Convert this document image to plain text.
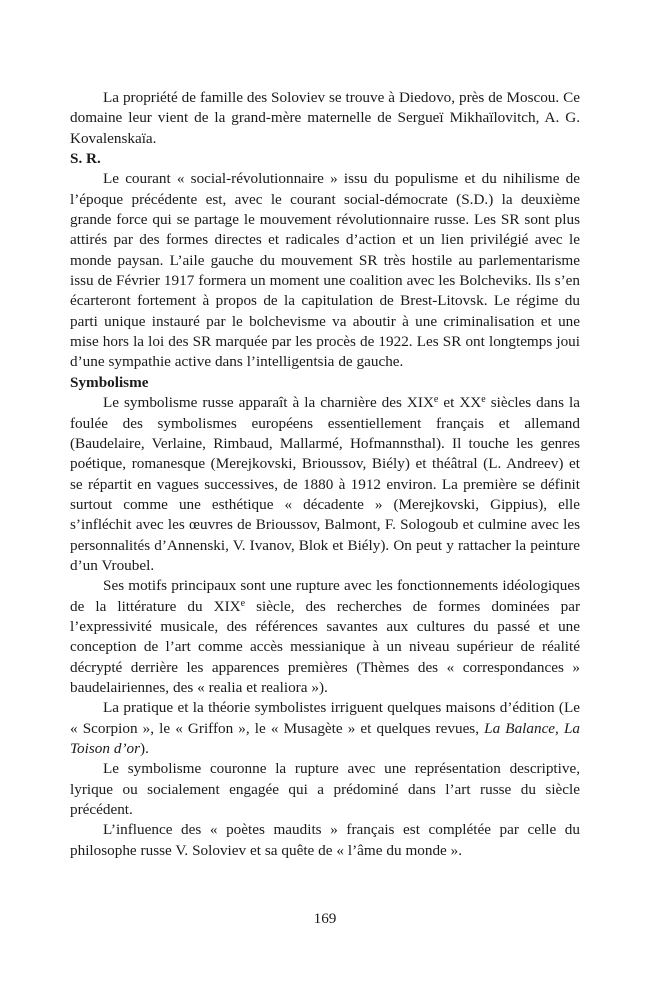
La propriété de famille des Soloviev se trouve à Diedovo, près de Moscou. Ce domaine leur vient de la grand-mère maternelle de Sergueï Mikhaïlovitch, A. G. Kovalenskaïa.

S. R.

Le courant « social-révolutionnaire » issu du populisme et du nihilisme de l’époque précédente est, avec le courant social-démocrate (S.D.) la deuxième grande force qui se partage le mouvement révolutionnaire russe. Les SR sont plus attirés par des formes directes et radicales d’action et un lien privilégié avec le monde paysan. L’aile gauche du mouvement SR très hostile au parlementarisme issu de Février 1917 formera un moment une coalition avec les Bolcheviks. Ils s’en écarteront fortement à propos de la capitulation de Brest-Litovsk. Le régime du parti unique instauré par le bolchevisme va aboutir à une criminalisation et une mise hors la loi des SR marquée par les procès de 1922. Les SR ont longtemps joui d’une sympathie active dans l’intelligentsia de gauche.

Symbolisme

Le symbolisme russe apparaît à la charnière des XIXe et XXe siècles dans la foulée des symbolismes européens essentiellement français et allemand (Baudelaire, Verlaine, Rimbaud, Mallarmé, Hofmannsthal). Il touche les genres poétique, romanesque (Merejkovski, Brioussov, Biély) et théâtral (L. Andreev) et se répartit en vagues successives, de 1880 à 1912 environ. La première se définit surtout comme une esthétique « décadente » (Merejkovski, Gippius), elle s’infléchit avec les œuvres de Brioussov, Balmont, F. Sologoub et culmine avec les personnalités d’Annenski, V. Ivanov, Blok et Biély). On peut y rattacher la peinture d’un Vroubel.

Ses motifs principaux sont une rupture avec les fonctionnements idéologiques de la littérature du XIXe siècle, des recherches de formes dominées par l’expressivité musicale, des références savantes aux cultures du passé et une conception de l’art comme accès messianique à un niveau supérieur de réalité décrypté derrière les apparences premières (Thèmes des « correspondances » baudelairiennes, des « realia et realiora »).

La pratique et la théorie symbolistes irriguent quelques maisons d’édition (Le « Scorpion », le « Griffon », le « Musagète » et quelques revues, La Balance, La Toison d’or).

Le symbolisme couronne la rupture avec une représentation descriptive, lyrique ou socialement engagée qui a prédominé dans l’art russe du siècle précédent.

L’influence des « poètes maudits » français est complétée par celle du philosophe russe V. Soloviev et sa quête de « l’âme du monde ».

169
